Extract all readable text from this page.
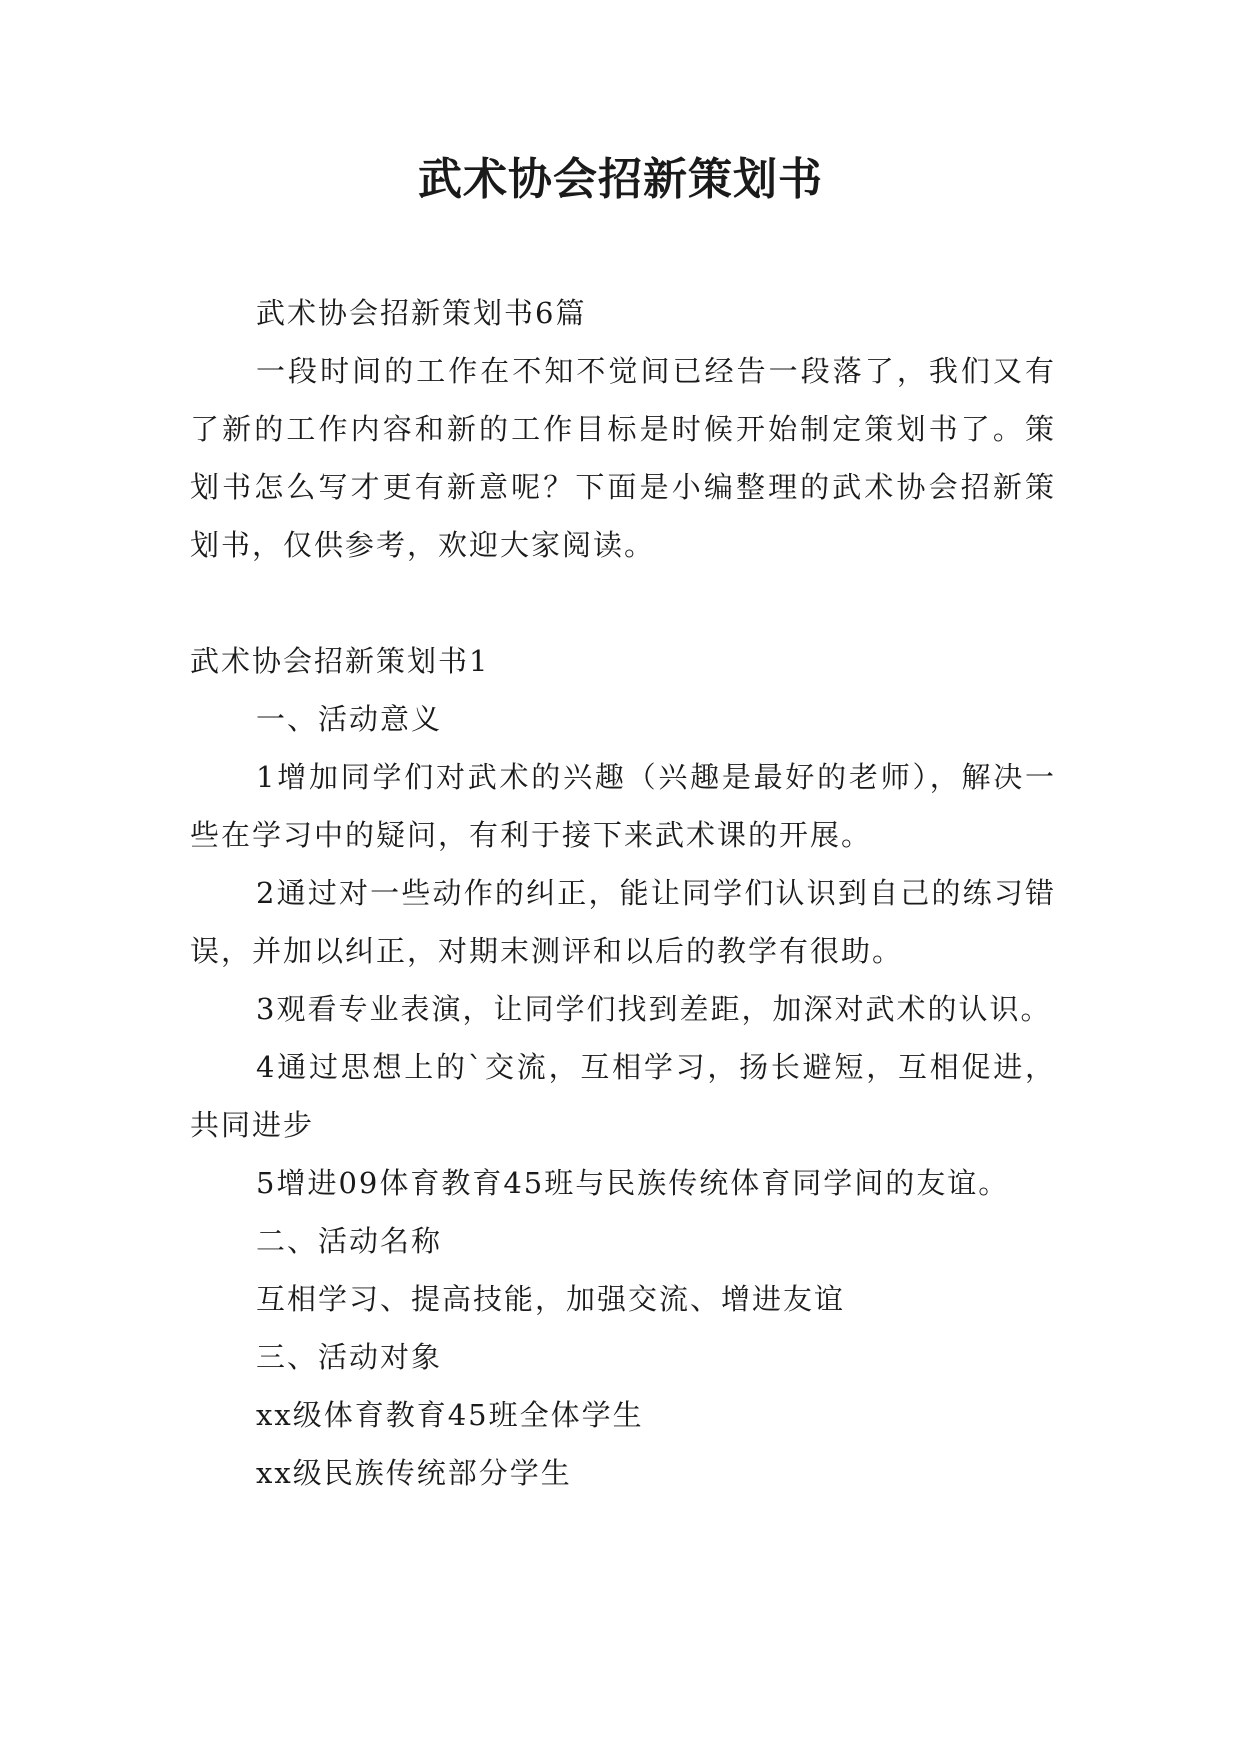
武术协会招新策划书

武术协会招新策划书6篇

一段时间的工作在不知不觉间已经告一段落了，我们又有了新的工作内容和新的工作目标是时候开始制定策划书了。策划书怎么写才更有新意呢？下面是小编整理的武术协会招新策划书，仅供参考，欢迎大家阅读。

武术协会招新策划书1

一、活动意义

1增加同学们对武术的兴趣（兴趣是最好的老师），解决一些在学习中的疑问，有利于接下来武术课的开展。

2通过对一些动作的纠正，能让同学们认识到自己的练习错误，并加以纠正，对期末测评和以后的教学有很助。

3观看专业表演，让同学们找到差距，加深对武术的认识。

4通过思想上的`交流，互相学习，扬长避短，互相促进，共同进步

5增进09体育教育45班与民族传统体育同学间的友谊。

二、活动名称

互相学习、提高技能，加强交流、增进友谊

三、活动对象

xx级体育教育45班全体学生

xx级民族传统部分学生
